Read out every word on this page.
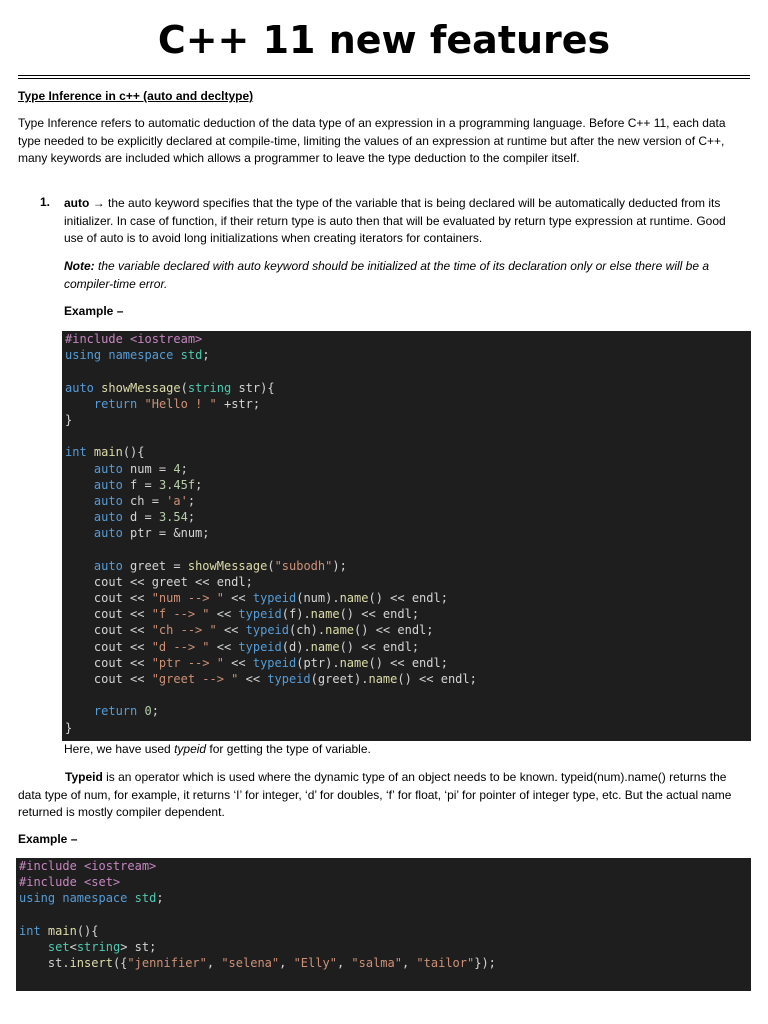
C++ 11 new features

Type Inference in c++ (auto and decltype)

Type Inference refers to automatic deduction of the data type of an expression in a programming language. Before C++ 11, each data type needed to be explicitly declared at compile-time, limiting the values of an expression at runtime but after the new version of C++, many keywords are included which allows a programmer to leave the type deduction to the compiler itself.

1. auto → the auto keyword specifies that the type of the variable that is being declared will be automatically deducted from its initializer. In case of function, if their return type is auto then that will be evaluated by return type expression at runtime. Good use of auto is to avoid long initializations when creating iterators for containers.

Note: the variable declared with auto keyword should be initialized at the time of its declaration only or else there will be a compiler-time error.

Example –

#include <iostream>
using namespace std;

auto showMessage(string str){
return "Hello ! " +str;
}

int main(){
auto num = 4;
auto f = 3.45f;
auto ch = 'a';
auto d = 3.54;
auto ptr = &num;

auto greet = showMessage("subodh");
cout << greet << endl;
cout << "num --> " << typeid(num).name() << endl;
cout << "f --> " << typeid(f).name() << endl;
cout << "ch --> " << typeid(ch).name() << endl;
cout << "d --> " << typeid(d).name() << endl;
cout << "ptr --> " << typeid(ptr).name() << endl;
cout << "greet --> " << typeid(greet).name() << endl;

return 0;
}

Here, we have used typeid for getting the type of variable.

Typeid is an operator which is used where the dynamic type of an object needs to be known. typeid(num).name() returns the data type of num, for example, it returns ‘I’ for integer, ‘d’ for doubles, ‘f’ for float, ‘pi’ for pointer of integer type, etc. But the actual name returned is mostly compiler dependent.

Example –

#include <iostream>
#include <set>
using namespace std;

int main(){
set<string> st;
st.insert({"jennifier", "selena", "Elly", "salma", "tailor"});
